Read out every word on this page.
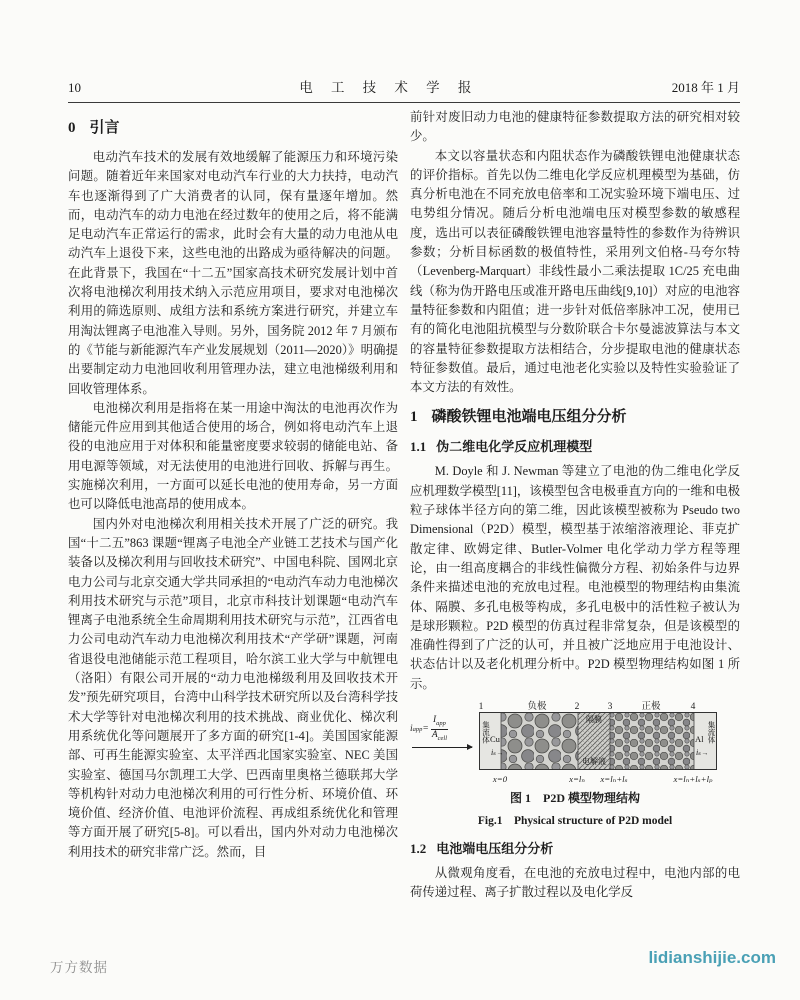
10	电 工 技 术 学 报	2018 年 1 月
0 引言

电动汽车技术的发展有效地缓解了能源压力和环境污染问题。随着近年来国家对电动汽车行业的大力扶持，电动汽车也逐渐得到了广大消费者的认同，保有量逐年增加。然而，电动汽车的动力电池在经过数年的使用之后，将不能满足电动汽车正常运行的需求，此时会有大量的动力电池从电动汽车上退役下来，这些电池的出路成为亟待解决的问题。在此背景下，我国在“十二五”国家高技术研究发展计划中首次将电池梯次利用技术纳入示范应用项目，要求对电池梯次利用的筛选原则、成组方法和系统方案进行研究，并建立车用淘汰锂离子电池准入导则。另外，国务院 2012 年 7 月颁布的《节能与新能源汽车产业发展规划（2011—2020）》明确提出要制定动力电池回收利用管理办法，建立电池梯级利用和回收管理体系。

电池梯次利用是指将在某一用途中淘汰的电池再次作为储能元件应用到其他适合使用的场合，例如将电动汽车上退役的电池应用于对体积和能量密度要求较弱的储能电站、备用电源等领域，对无法使用的电池进行回收、拆解与再生。实施梯次利用，一方面可以延长电池的使用寿命，另一方面也可以降低电池高昂的使用成本。

国内外对电池梯次利用相关技术开展了广泛的研究。我国“十二五”863 课题“锂离子电池全产业链工艺技术与国产化装备以及梯次利用与回收技术研究”、中国电科院、国网北京电力公司与北京交通大学共同承担的“电动汽车动力电池梯次利用技术研究与示范”项目，北京市科技计划课题“电动汽车锂离子电池系统全生命周期利用技术研究与示范”，江西省电力公司电动汽车动力电池梯次利用技术“产学研”课题，河南省退役电池储能示范工程项目，哈尔滨工业大学与中航锂电（洛阳）有限公司开展的“动力电池梯级利用及回收技术开发”预先研究项目，台湾中山科学技术研究所以及台湾科学技术大学等针对电池梯次利用的技术挑战、商业优化、梯次利用系统优化等问题展开了多方面的研究[1-4]。美国国家能源部、可再生能源实验室、太平洋西北国家实验室、NEC 美国实验室、德国马尔凯理工大学、巴西南里奥格兰德联邦大学等机构针对动力电池梯次利用的可行性分析、环境价值、环境价值、经济价值、电池评价流程、再成组系统优化和管理等方面开展了研究[5-8]。可以看出，国内外对动力电池梯次利用技术的研究非常广泛。然而，目

前针对废旧动力电池的健康特征参数提取方法的研究相对较少。

本文以容量状态和内阻状态作为磷酸铁锂电池健康状态的评价指标。首先以伪二维电化学反应机理模型为基础，仿真分析电池在不同充放电倍率和工况实验环境下端电压、过电势组分情况。随后分析电池端电压对模型参数的敏感程度，选出可以表征磷酸铁锂电池容量特性的参数作为待辨识参数；分析目标函数的极值特性，采用列文伯格-马夸尔特（Levenberg-Marquart）非线性最小二乘法提取 1C/25 充电曲线（称为伪开路电压或准开路电压曲线[9,10]）对应的电池容量特征参数和内阻值；进一步针对低倍率脉冲工况，使用已有的简化电池阻抗模型与分数阶联合卡尔曼滤波算法与本文的容量特征参数提取方法相结合，分步提取电池的健康状态特征参数值。最后，通过电池老化实验以及特性实验验证了本文方法的有效性。

1 磷酸铁锂电池端电压组分分析
1.1 伪二维电化学反应机理模型

M. Doyle 和 J. Newman 等建立了电池的伪二维电化学反应机理数学模型[11]，该模型包含电极垂直方向的一维和电极粒子球体半径方向的第二维，因此该模型被称为 Pseudo two Dimensional（P2D）模型，模型基于浓缩溶液理论、菲克扩散定律、欧姆定律、Butler-Volmer 电化学动力学方程等理论，由一组高度耦合的非线性偏微分方程、初始条件与边界条件来描述电池的充放电过程。电池模型的物理结构由集流体、隔膜、多孔电极等构成，多孔电极中的活性粒子被认为是球形颗粒。P2D 模型的仿真过程非常复杂，但是该模型的准确性得到了广泛的认可，并且被广泛地应用于电池设计、状态估计以及老化机理分析中。P2D 模型物理结构如图 1 所示。

1	负极	2	3	正极	4
i app = $\frac{I_{app}}{A_{cell}}$	集流体 Cu
iₛ →
隔膜
电解液
Al
iₛ →
集流体
x=0	x=lₙ x=lₙ+lₛ	x=lₙ+lₛ+lₚ
图 1　P2D 模型物理结构
Fig.1　Physical structure of P2D model
1.2 电池端电压组分分析

从微观角度看，在电池的充放电过程中，电池内部的电荷传递过程、离子扩散过程以及电化学反

万方数据
lidianshijie.com
